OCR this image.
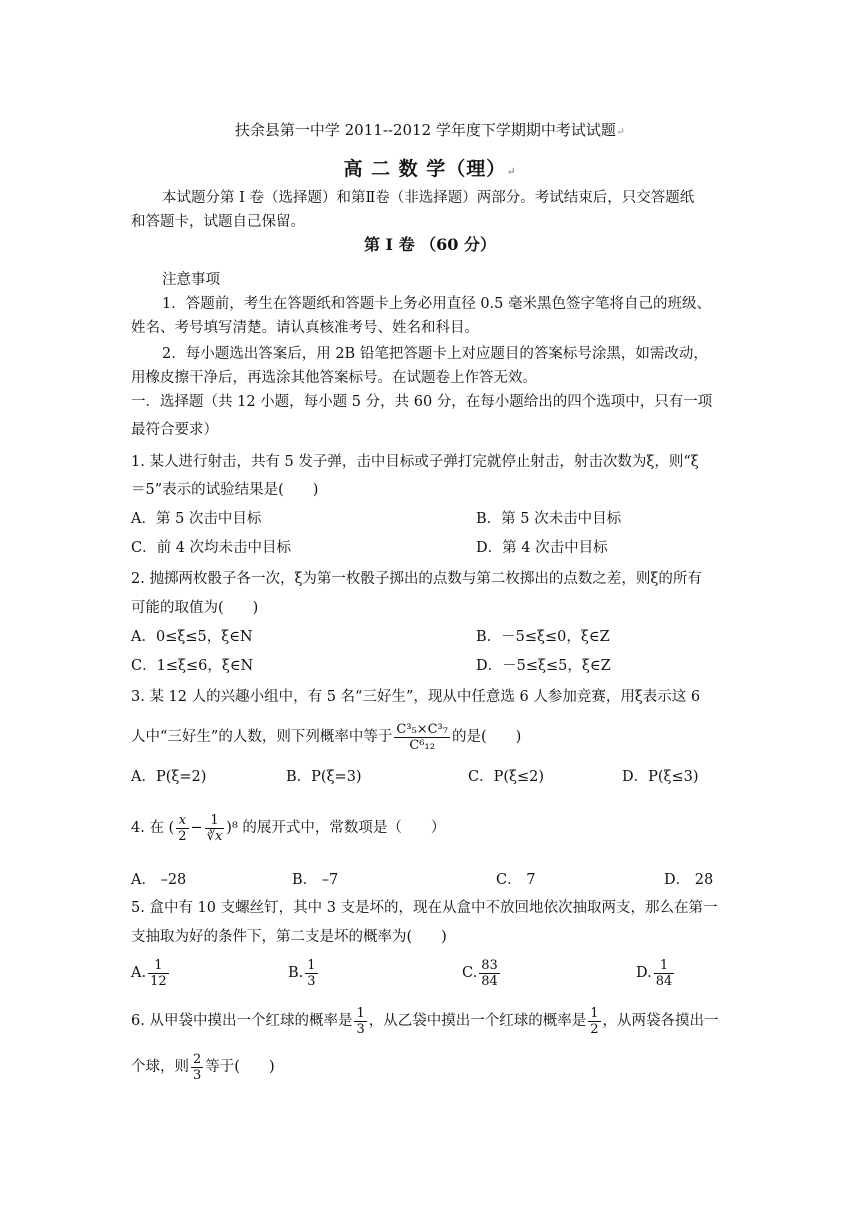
扶余县第一中学 2011--2012 学年度下学期期中考试试题↵
高 二 数 学（理）↵
本试题分第 I 卷（选择题）和第Ⅱ卷（非选择题）两部分。考试结束后，只交答题纸
和答题卡，试题自己保留。
第 I 卷 （60 分）
注意事项
1．答题前，考生在答题纸和答题卡上务必用直径 0.5 毫米黑色签字笔将自己的班级、
姓名、考号填写清楚。请认真核准考号、姓名和科目。
2．每小题选出答案后，用 2B 铅笔把答题卡上对应题目的答案标号涂黑，如需改动，
用橡皮擦干净后，再选涂其他答案标号。在试题卷上作答无效。
一．选择题（共 12 小题，每小题 5 分，共 60 分，在每小题给出的四个选项中，只有一项
最符合要求）
1. 某人进行射击，共有 5 发子弹，击中目标或子弹打完就停止射击，射击次数为ξ，则“ξ
＝5”表示的试验结果是(　　)
A．第 5 次击中目标	B．第 5 次未击中目标
C．前 4 次均未击中目标	D．第 4 次击中目标
2. 抛掷两枚骰子各一次，ξ为第一枚骰子掷出的点数与第二枚掷出的点数之差，则ξ的所有
可能的取值为(　　)
A．0≤ξ≤5，ξ∈N	B．－5≤ξ≤0，ξ∈Z
C．1≤ξ≤6，ξ∈N	D．－5≤ξ≤5，ξ∈Z
3. 某 12 人的兴趣小组中，有 5 名“三好生”，现从中任意选 6 人参加竞赛，用ξ表示这 6
人中“三好生”的人数，则下列概率中等于 $\frac{\text{C³₅×C³₇}}{\text{C⁶₁₂}}$ 的是(　　)
A．P(ξ=2)	B．P(ξ=3)	C．P(ξ≤2)	D．P(ξ≤3)
4. 在 ( $\frac{x}{2} - \frac{1}{∛x} )^8$ 的展开式中，常数项是（　　）
A． –28	B． –7	C． 7	D． 28
5. 盒中有 10 支螺丝钉，其中 3 支是坏的，现在从盒中不放回地依次抽取两支，那么在第一
支抽取为好的条件下，第二支是坏的概率为(　　)
A. $\frac{1}{12}$	B. $\frac{1}{3}$	C. $\frac{83}{84}$	D. $\frac{1}{84}$
6. 从甲袋中摸出一个红球的概率是 $\frac{1}{3}$ ，从乙袋中摸出一个红球的概率是 $\frac{1}{2}$ ，从两袋各摸出一
个球，则 $\frac{2}{3}$ 等于(　　)
